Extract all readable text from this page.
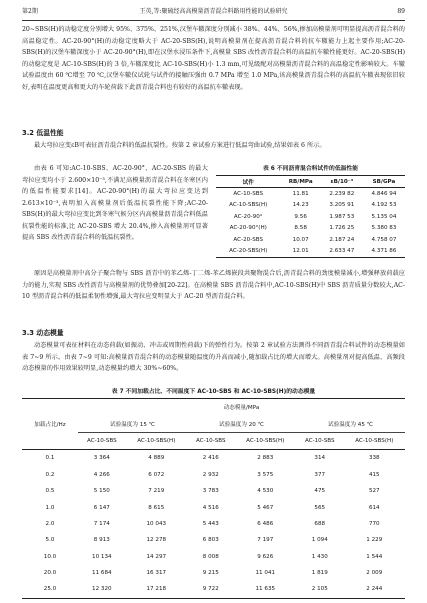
第2期	王英,等:聚硫经高高模量沥青混合料路用性能的试验研究	89

20~SBS(H)的动稳定度分别增大 95%、375%、251%,汉堡车辙深度分别减小 38%、44%、56%,掺加高模量剂可明显提高沥青混合料的高温稳定性。AC-20-90°(H)的动稳定度略大于 AC-20-SBS(H),说明高模量剂在提高沥青混合料的抗车辙能力上起主要作用;AC-20-SBS(H)的汉堡车辙深度小于 AC-20-90°(H),即在汉堡水浸压条件下,高模量 SBS 改性沥青混合料的高温抗车辙性能更好。AC-20-SBS(H)的动稳定度是 AC-10-SBS(H)的 3 倍,车辙深度比 AC-10-SBS(H)小 1.3 mm,可见级配对高模量沥青混合料的高温稳定性影响较大。车辙试验温度由 60 ℃增至 70 ℃,汉堡车辙仪试轮与试件的接触压强由 0.7 MPa 增至 1.0 MPa,该高模量沥青混合料的高温抗车辙表现依旧较好,表明在温度更高和更大的车轮荷载下此沥青混合料也有较好的高温抗车辙表现。

3.2 低温性能

最大弯拉应变εB可表征沥青混合料的低温抗裂性。按第 2 章试验方案进行低温弯曲试验,结果如表 6 所示。

由表 6 可知:AC-10-SBS、AC-20-90°、AC-20-SBS 的最大弯拉应变均小于 2.600×10⁻³,不满足高模量沥青混合料在冬寒区内的低温性能要求[14]。AC-20-90°(H)的最大弯拉应变达到 2.613×10⁻³,表明加入高模量剂后低温抗裂性能下降;AC-20-SBS(H)的最大弯拉应变比到冬寒气候分区内高模量沥青混合料低温抗裂性能的标准,比 AC-20-SBS 增大 20.4%,掺入高模量剂可显著提高 SBS 改性沥青混合料的低温抗裂性。

表 6 不同沥青混合料试件的低温性能
试件	RB/MPa	εB/10⁻³	SB/GPa
AC-10-SBS	11.81	2.239 82	4.846 94
AC-10-SBS(H)	14.23	3.205 91	4.192 53
AC-20-90°	9.56	1.987 53	5.135 04
AC-20-90°(H)	8.58	1.726 25	5.380 83
AC-20-SBS	10.07	2.187 24	4.758 07
AC-20-SBS(H)	12.01	2.633 47	4.371 86

原因是高模量剂中高分子聚合物与 SBS 沥青中的苯乙烯-丁二烯-苯乙烯嵌段共聚物混合后,沥青混合料的劲度模量减小,增强释放荷载应力的能力,实现 SBS 改性沥青与高模量剂的优势叠加[20-22]。在高模量 SBS 沥青混合料中,AC-10-SBS(H)中 SBS 沥青质量分数较大,AC-10 型沥青混合料的低温柔韧性增强,最大弯拉应变明显大于 AC-20 型沥青混合料。

3.3 动态模量

动态模量可表征材料在动态荷载(如振动、冲击或周期性荷载)下的弹性行为。按第 2 章试验方法测得不同沥青混合料试件的动态模量如表 7~9 所示。由表 7~9 可知:高模量沥青混合料的动态模量随温度的升高而减小,随加载占比的增大而增大。高模量剂对提高低温、高频段动态模量的作用效果较明显,动态模量约增大 30%~60%。

表 7 不同加载占比、不同温度下 AC-10-SBS 和 AC-10-SBS(H)的动态模量
加载占比/Hz	动态模量/MPa					
	试验温度为 15 ℃		试验温度为 20 ℃		试验温度为 45 ℃	
	AC-10-SBS	AC-10-SBS(H)	AC-10-SBS	AC-10-SBS(H)	AC-10-SBS	AC-10-SBS(H)
0.1	3 364	4 889	2 416	2 883	314	338
0.2	4 266	6 072	2 932	3 575	377	415
0.5	5 150	7 219	3 783	4 530	475	527
1.0	6 147	8 615	4 516	5 467	565	614
2.0	7 174	10 043	5 443	6 486	688	770
5.0	8 913	12 278	6 803	7 197	1 094	1 229
10.0	10 134	14 297	8 008	9 626	1 430	1 544
20.0	11 684	16 317	9 215	11 041	1 819	2 009
25.0	12 320	17 218	9 722	11 635	2 105	2 244
